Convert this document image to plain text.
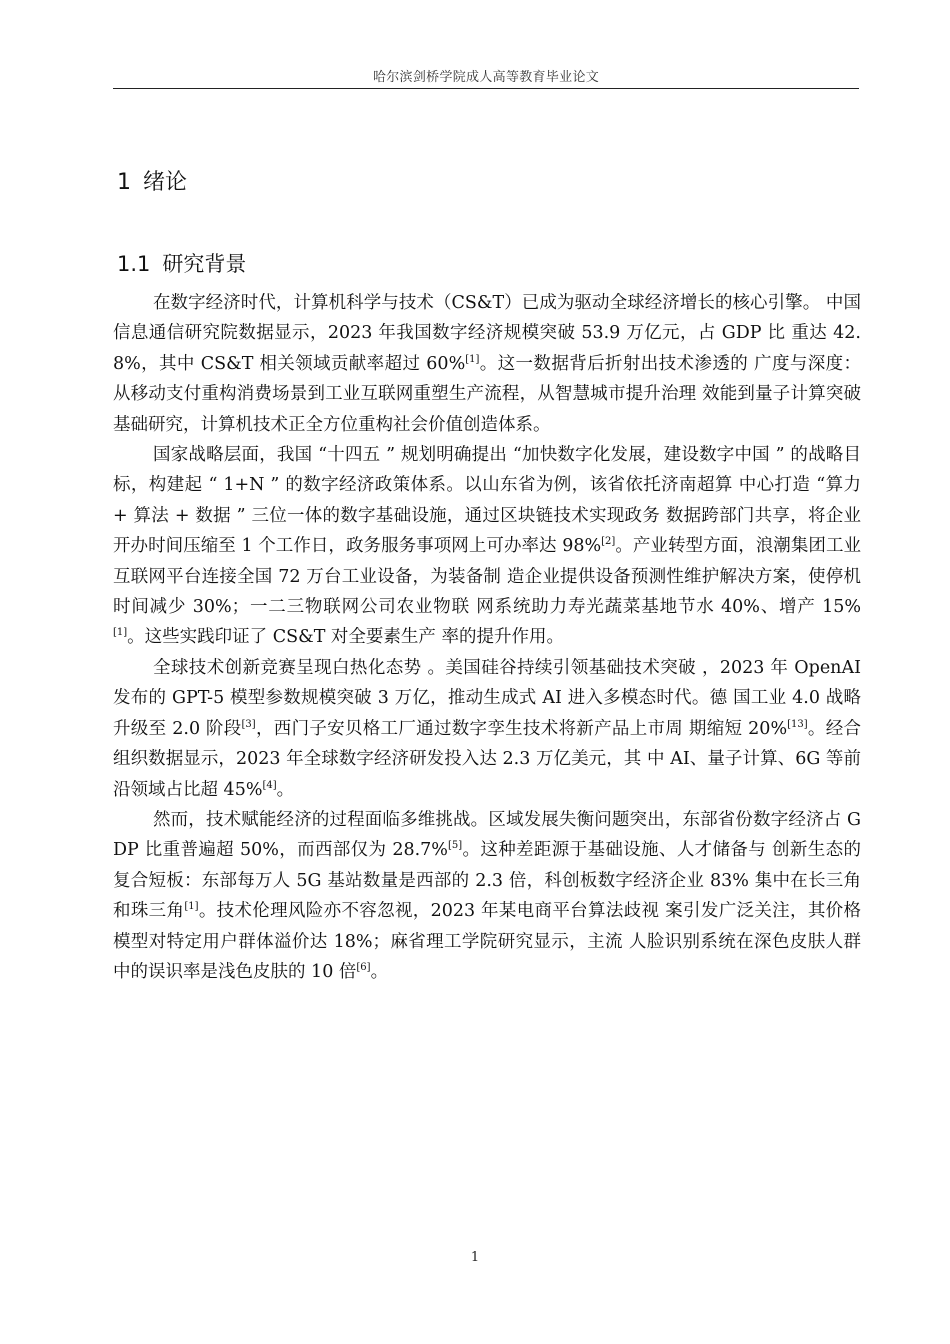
哈尔滨剑桥学院成人高等教育毕业论文
1 绪论
1.1 研究背景

在数字经济时代，计算机科学与技术（CS&T）已成为驱动全球经济增长的核心引擎。 中国信息通信研究院数据显示，2023 年我国数字经济规模突破 53.9 万亿元，占 GDP 比 重达 42.8%，其中 CS&T 相关领域贡献率超过 60%[1]。这一数据背后折射出技术渗透的 广度与深度：从移动支付重构消费场景到工业互联网重塑生产流程，从智慧城市提升治理 效能到量子计算突破基础研究，计算机技术正全方位重构社会价值创造体系。

国家战略层面，我国 “十四五 ” 规划明确提出 “加快数字化发展，建设数字中国 ” 的战略目标，构建起 “ 1+N ” 的数字经济政策体系。以山东省为例，该省依托济南超算 中心打造 “算力 + 算法 + 数据 ” 三位一体的数字基础设施，通过区块链技术实现政务 数据跨部门共享，将企业开办时间压缩至 1 个工作日，政务服务事项网上可办率达 98%[2]。产业转型方面，浪潮集团工业互联网平台连接全国 72 万台工业设备，为装备制 造企业提供设备预测性维护解决方案，使停机时间减少 30%；一二三物联网公司农业物联 网系统助力寿光蔬菜基地节水 40%、增产 15%[1]。这些实践印证了 CS&T 对全要素生产 率的提升作用。

全球技术创新竞赛呈现白热化态势 。美国硅谷持续引领基础技术突破 ，2023 年 OpenAI 发布的 GPT-5 模型参数规模突破 3 万亿，推动生成式 AI 进入多模态时代。德 国工业 4.0 战略升级至 2.0 阶段[3]，西门子安贝格工厂通过数字孪生技术将新产品上市周 期缩短 20%[13]。经合组织数据显示，2023 年全球数字经济研发投入达 2.3 万亿美元，其 中 AI、量子计算、6G 等前沿领域占比超 45%[4]。

然而，技术赋能经济的过程面临多维挑战。区域发展失衡问题突出，东部省份数字经济占 GDP 比重普遍超 50%，而西部仅为 28.7%[5]。这种差距源于基础设施、人才储备与 创新生态的复合短板：东部每万人 5G 基站数量是西部的 2.3 倍，科创板数字经济企业 83% 集中在长三角和珠三角[1]。技术伦理风险亦不容忽视，2023 年某电商平台算法歧视 案引发广泛关注，其价格模型对特定用户群体溢价达 18%；麻省理工学院研究显示，主流 人脸识别系统在深色皮肤人群中的误识率是浅色皮肤的 10 倍[6]。

1
